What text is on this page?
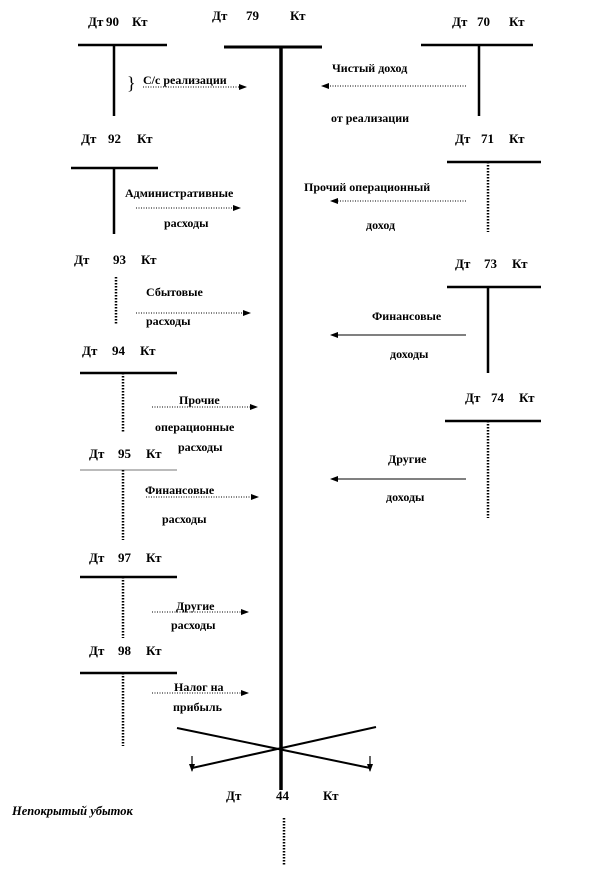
Дт 79 Кт
Дт 90 Кт
Дт 92 Кт
Дт 93 Кт
Дт 94 Кт
Дт 95 Кт
Дт 97 Кт
Дт 98 Кт
Дт 70 Кт
Дт 71 Кт
Дт 73 Кт
Дт 74 Кт
} С/с реализации
Чистый доход
от реализации
Административные
расходы
Прочий операционный
доход
Сбытовые
расходы	Финансовые
доходы
Прочие
операционные
расходы
Другие
доходы
Финансовые
расходы
Другие
расходы
Налог на
прибыль
Дт	44	Кт
Непокрытый убыток
